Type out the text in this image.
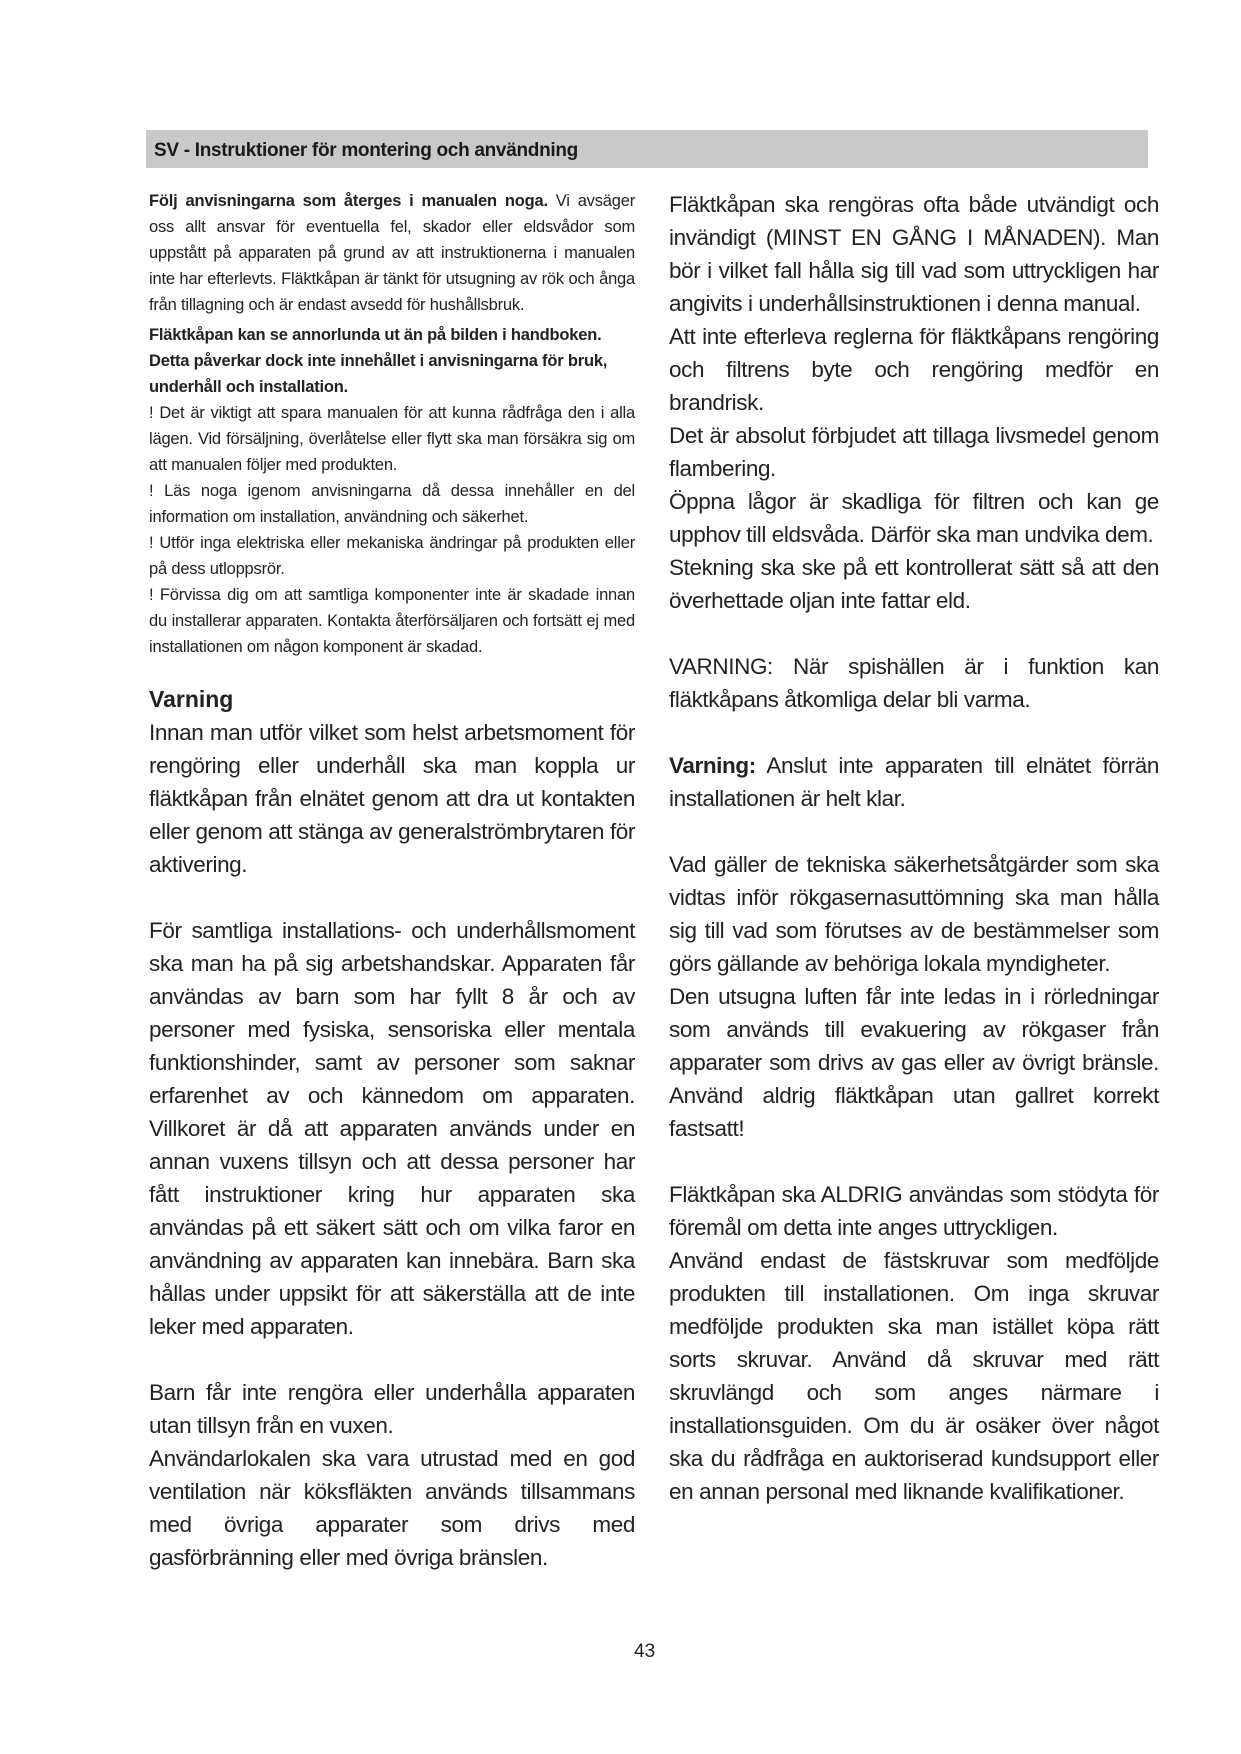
SV - Instruktioner för montering och användning

Följ anvisningarna som återges i manualen noga. Vi avsäger oss allt ansvar för eventuella fel, skador eller eldsvådor som uppstått på apparaten på grund av att instruktionerna i manualen inte har efterlevts. Fläktkåpan är tänkt för utsugning av rök och ånga från tillagning och är endast avsedd för hushållsbruk.

Fläktkåpan kan se annorlunda ut än på bilden i handboken. Detta påverkar dock inte innehållet i anvisningarna för bruk, underhåll och installation.

! Det är viktigt att spara manualen för att kunna rådfråga den i alla lägen. Vid försäljning, överlåtelse eller flytt ska man försäkra sig om att manualen följer med produkten.

! Läs noga igenom anvisningarna då dessa innehåller en del information om installation, användning och säkerhet.

! Utför inga elektriska eller mekaniska ändringar på produkten eller på dess utloppsrör.

! Förvissa dig om att samtliga komponenter inte är skadade innan du installerar apparaten. Kontakta återförsäljaren och fortsätt ej med installationen om någon komponent är skadad.

Varning

Innan man utför vilket som helst arbetsmoment för rengöring eller underhåll ska man koppla ur fläktkåpan från elnätet genom att dra ut kontakten eller genom att stänga av generalströmbrytaren för aktivering.

För samtliga installations- och underhållsmoment ska man ha på sig arbetshandskar. Apparaten får användas av barn som har fyllt 8 år och av personer med fysiska, sensoriska eller mentala funktionshinder, samt av personer som saknar erfarenhet av och kännedom om apparaten. Villkoret är då att apparaten används under en annan vuxens tillsyn och att dessa personer har fått instruktioner kring hur apparaten ska användas på ett säkert sätt och om vilka faror en användning av apparaten kan innebära. Barn ska hållas under uppsikt för att säkerställa att de inte leker med apparaten.

Barn får inte rengöra eller underhålla apparaten utan tillsyn från en vuxen.

Användarlokalen ska vara utrustad med en god ventilation när köksfläkten används tillsammans med övriga apparater som drivs med gasförbränning eller med övriga bränslen.

Fläktkåpan ska rengöras ofta både utvändigt och invändigt (MINST EN GÅNG I MÅNADEN). Man bör i vilket fall hålla sig till vad som uttryckligen har angivits i underhållsinstruktionen i denna manual.

Att inte efterleva reglerna för fläktkåpans rengöring och filtrens byte och rengöring medför en brandrisk.

Det är absolut förbjudet att tillaga livsmedel genom flambering.

Öppna lågor är skadliga för filtren och kan ge upphov till eldsvåda. Därför ska man undvika dem.

Stekning ska ske på ett kontrollerat sätt så att den överhettade oljan inte fattar eld.

VARNING: När spishällen är i funktion kan fläktkåpans åtkomliga delar bli varma.

Varning: Anslut inte apparaten till elnätet förrän installationen är helt klar.

Vad gäller de tekniska säkerhetsåtgärder som ska vidtas inför rökgasernasuttömning ska man hålla sig till vad som förutses av de bestämmelser som görs gällande av behöriga lokala myndigheter.

Den utsugna luften får inte ledas in i rörledningar som används till evakuering av rökgaser från apparater som drivs av gas eller av övrigt bränsle. Använd aldrig fläktkåpan utan gallret korrekt fastsatt!

Fläktkåpan ska ALDRIG användas som stödyta för föremål om detta inte anges uttryckligen.

Använd endast de fästskruvar som medföljde produkten till installationen. Om inga skruvar medföljde produkten ska man istället köpa rätt sorts skruvar. Använd då skruvar med rätt skruvlängd och som anges närmare i installationsguiden. Om du är osäker över något ska du rådfråga en auktoriserad kundsupport eller en annan personal med liknande kvalifikationer.

43
